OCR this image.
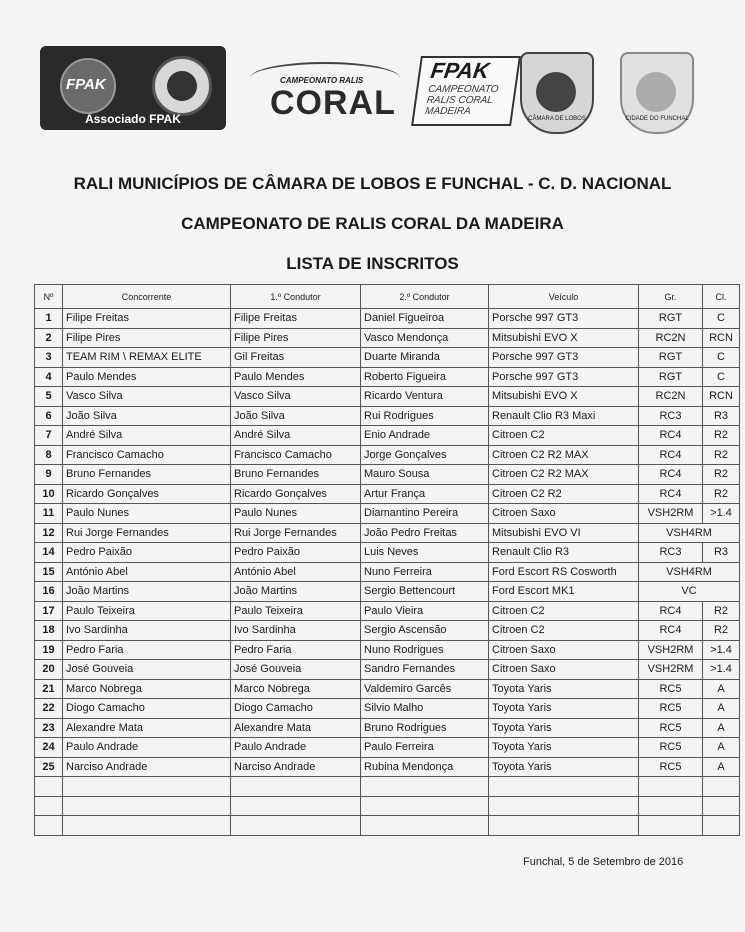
FPAK
Associado FPAK
CAMPEONATO RALIS
CORAL
FPAK
CAMPEONATO RALIS CORAL MADEIRA
CÂMARA DE LOBOS	CIDADE DO FUNCHAL
RALI MUNICÍPIOS DE CÂMARA DE LOBOS E FUNCHAL - C. D. NACIONAL
CAMPEONATO DE RALIS CORAL DA MADEIRA
LISTA DE INSCRITOS
Nº	Concorrente	1.º Condutor	2.º Condutor	Veículo	Gr.	Cl.
1	Filipe Freitas	Filipe Freitas	Daniel Figueiroa	Porsche 997 GT3	RGT	C
2	Filipe Pires	Filipe Pires	Vasco Mendonça	Mitsubishi EVO X	RC2N	RCN
3	TEAM RIM \ REMAX ELITE	Gil Freitas	Duarte Miranda	Porsche 997 GT3	RGT	C
4	Paulo Mendes	Paulo Mendes	Roberto Figueira	Porsche 997 GT3	RGT	C
5	Vasco Silva	Vasco Silva	Ricardo Ventura	Mitsubishi EVO X	RC2N	RCN
6	João Silva	João Silva	Rui Rodrigues	Renault Clio R3 Maxi	RC3	R3
7	André Silva	André Silva	Enio Andrade	Citroen C2	RC4	R2
8	Francisco Camacho	Francisco Camacho	Jorge Gonçalves	Citroen C2 R2 MAX	RC4	R2
9	Bruno Fernandes	Bruno Fernandes	Mauro Sousa	Citroen C2 R2 MAX	RC4	R2
10	Ricardo Gonçalves	Ricardo Gonçalves	Artur França	Citroen C2 R2	RC4	R2
11	Paulo Nunes	Paulo Nunes	Diamantino Pereira	Citroen Saxo	VSH2RM	>1.4
12	Rui Jorge Fernandes	Rui Jorge Fernandes	João Pedro Freitas	Mitsubishi EVO VI	VSH4RM	
14	Pedro Paixão	Pedro Paixão	Luis Neves	Renault Clio R3	RC3	R3
15	António Abel	António Abel	Nuno Ferreira	Ford Escort RS Cosworth	VSH4RM	
16	João Martins	João Martins	Sergio Bettencourt	Ford Escort MK1	VC	
17	Paulo Teixeira	Paulo Teixeira	Paulo Vieira	Citroen C2	RC4	R2
18	Ivo Sardinha	Ivo Sardinha	Sergio Ascensão	Citroen C2	RC4	R2
19	Pedro Faria	Pedro Faria	Nuno Rodrigues	Citroen Saxo	VSH2RM	>1.4
20	José Gouveia	José Gouveia	Sandro Fernandes	Citroen Saxo	VSH2RM	>1.4
21	Marco Nobrega	Marco Nobrega	Valdemiro Garcês	Toyota Yaris	RC5	A
22	Diogo Camacho	Diogo Camacho	Silvio Malho	Toyota Yaris	RC5	A
23	Alexandre Mata	Alexandre Mata	Bruno Rodrigues	Toyota Yaris	RC5	A
24	Paulo Andrade	Paulo Andrade	Paulo Ferreira	Toyota Yaris	RC5	A
25	Narciso Andrade	Narciso Andrade	Rubina Mendonça	Toyota Yaris	RC5	A

Funchal, 5 de Setembro de 2016
